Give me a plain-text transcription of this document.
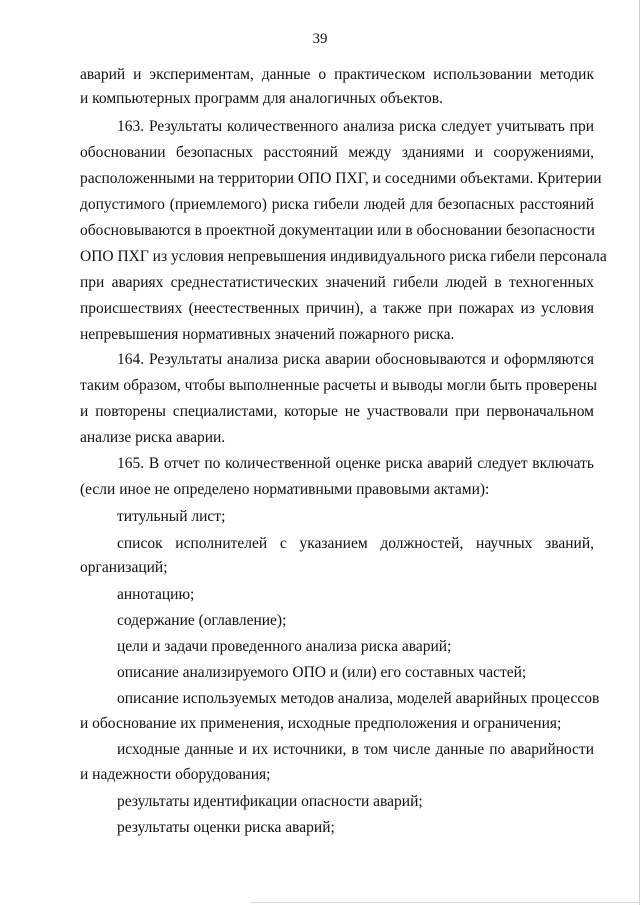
39
аварий и экспериментам, данные о практическом использовании методик
и компьютерных программ для аналогичных объектов.
163. Результаты количественного анализа риска следует учитывать при
обосновании безопасных расстояний между зданиями и сооружениями,
расположенными на территории ОПО ПХГ, и соседними объектами. Критерии
допустимого (приемлемого) риска гибели людей для безопасных расстояний
обосновываются в проектной документации или в обосновании безопасности
ОПО ПХГ из условия непревышения индивидуального риска гибели персонала
при авариях среднестатистических значений гибели людей в техногенных
происшествиях (неестественных причин), а также при пожарах из условия
непревышения нормативных значений пожарного риска.
164. Результаты анализа риска аварии обосновываются и оформляются
таким образом, чтобы выполненные расчеты и выводы могли быть проверены
и повторены специалистами, которые не участвовали при первоначальном
анализе риска аварии.
165. В отчет по количественной оценке риска аварий следует включать
(если иное не определено нормативными правовыми актами):
титульный лист;
список исполнителей с указанием должностей, научных званий,
организаций;
аннотацию;
содержание (оглавление);
цели и задачи проведенного анализа риска аварий;
описание анализируемого ОПО и (или) его составных частей;
описание используемых методов анализа, моделей аварийных процессов
и обоснование их применения, исходные предположения и ограничения;
исходные данные и их источники, в том числе данные по аварийности
и надежности оборудования;
результаты идентификации опасности аварий;
результаты оценки риска аварий;
